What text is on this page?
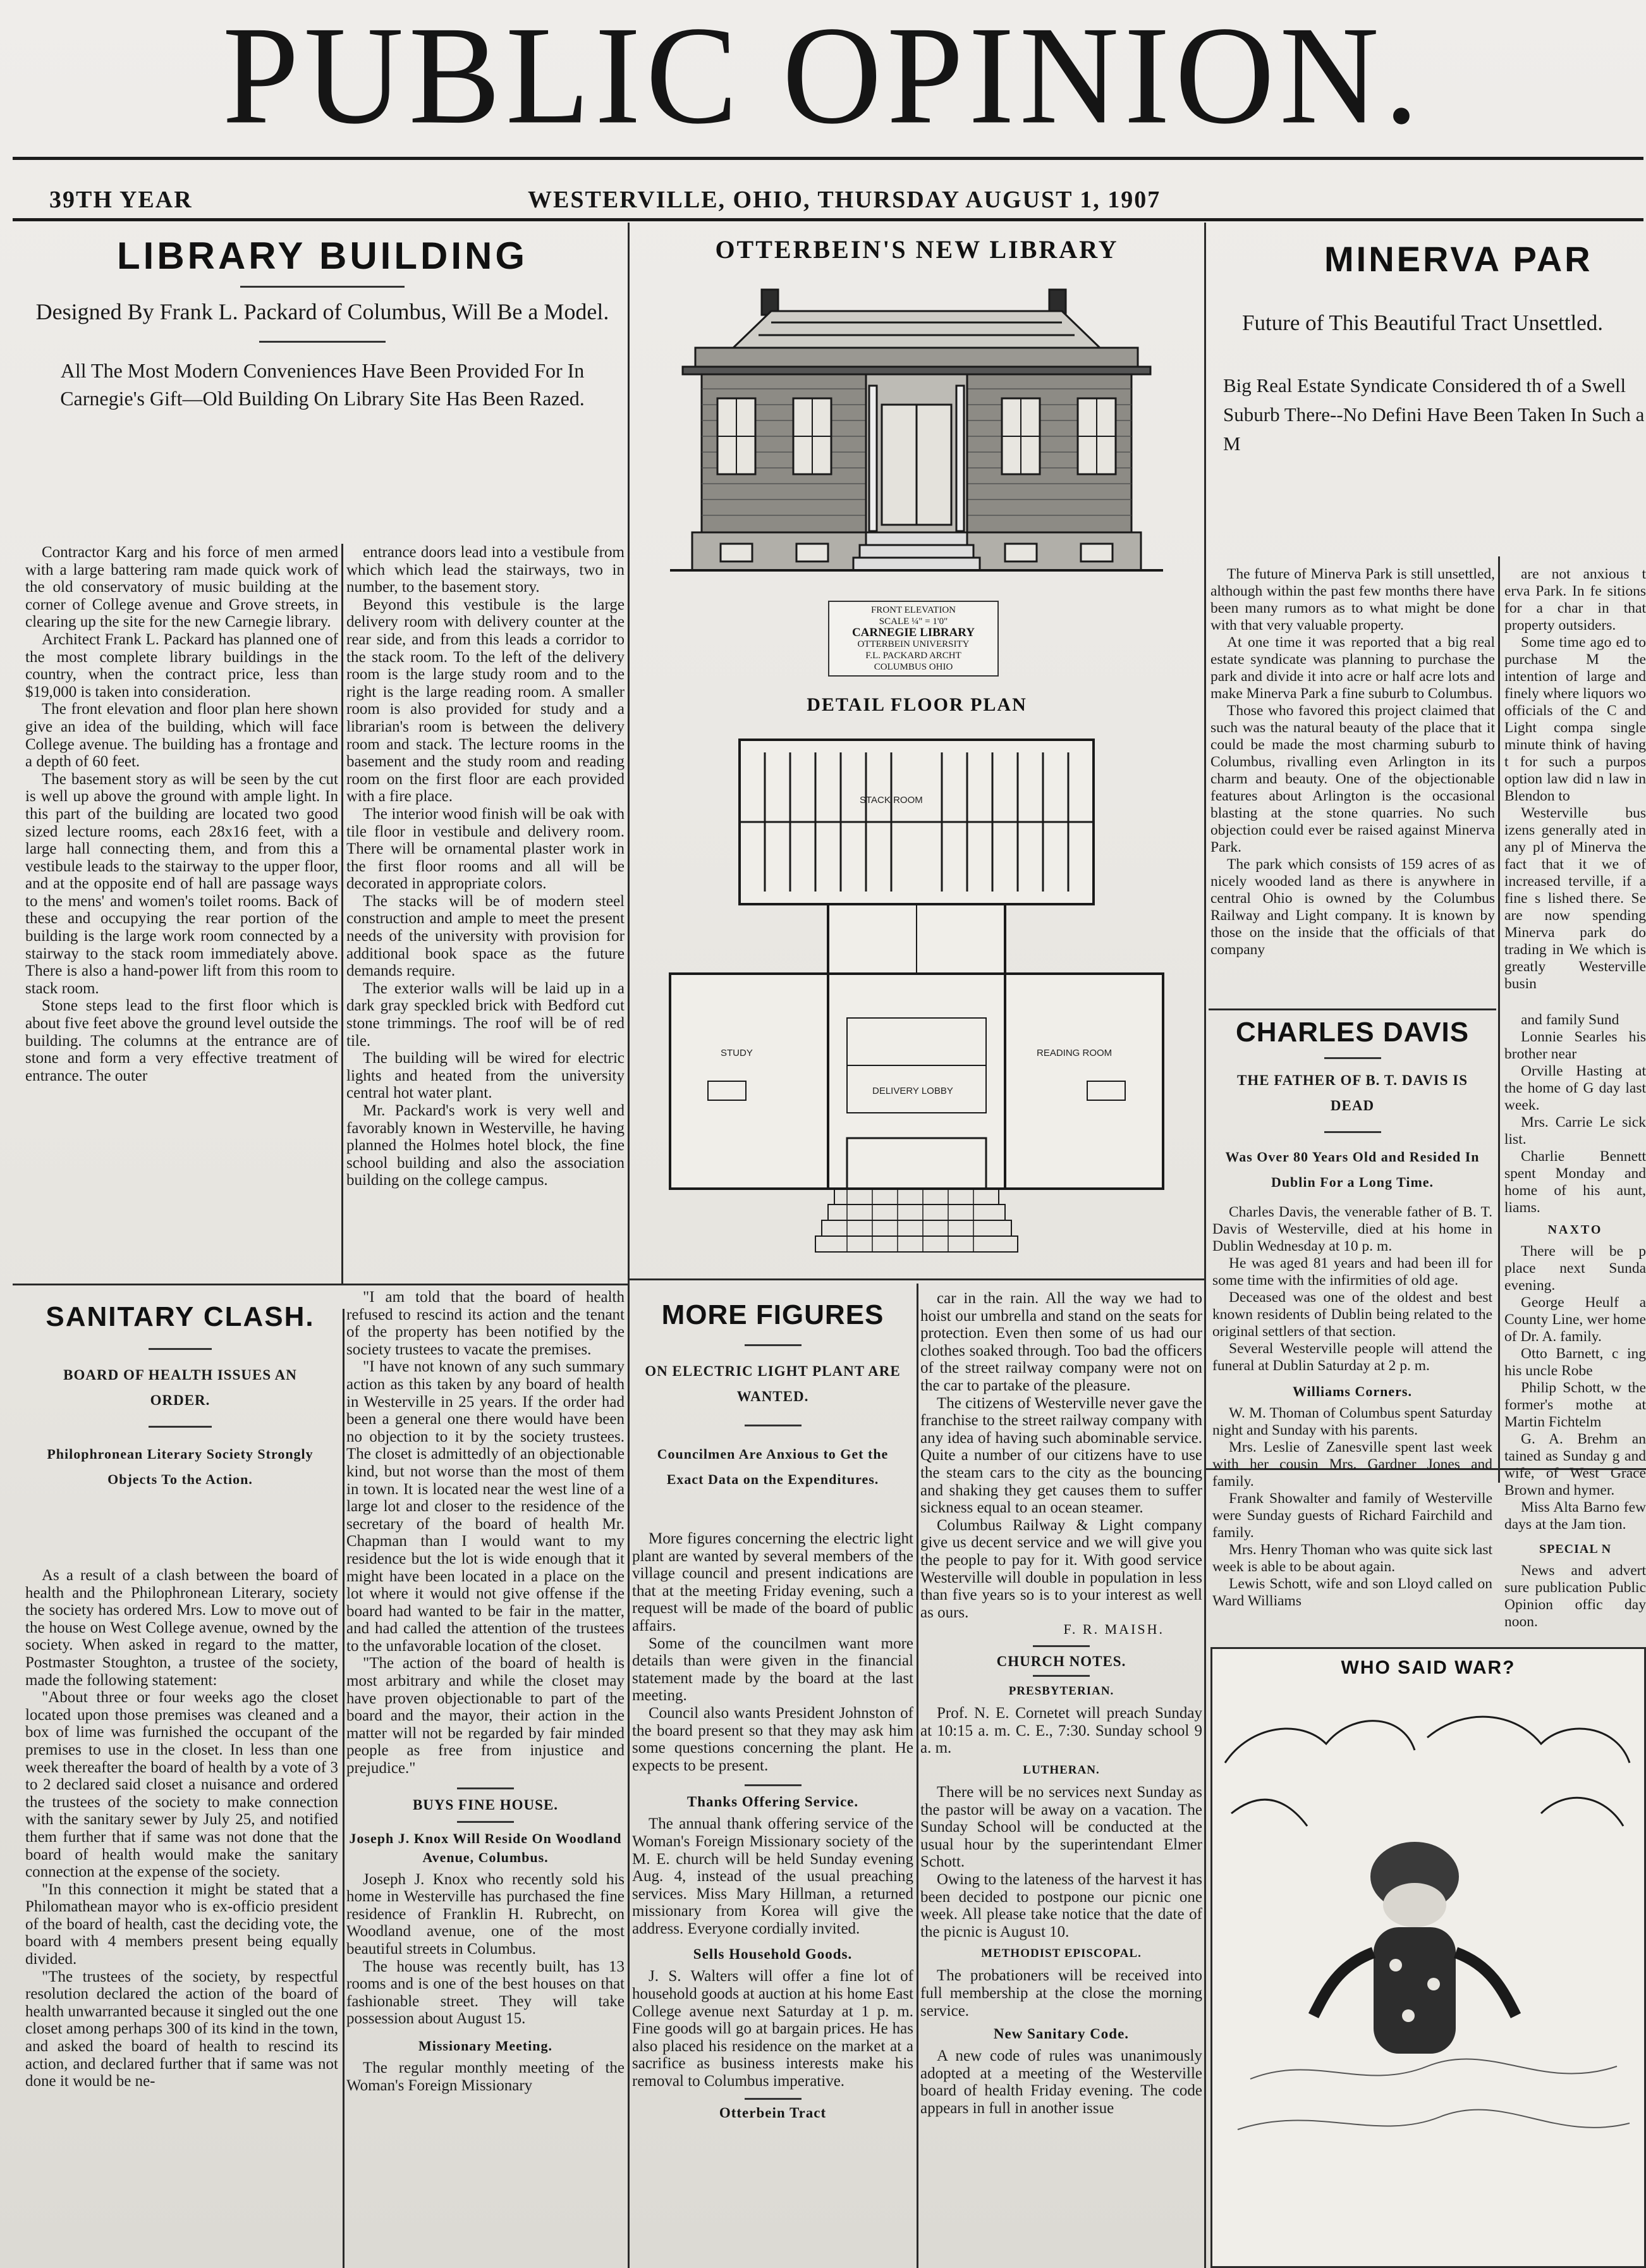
PUBLIC OPINION.
39TH YEAR	WESTERVILLE, OHIO, THURSDAY AUGUST 1, 1907
LIBRARY BUILDING
Designed By Frank L. Packard of Columbus, Will Be a Model.
All The Most Modern Conveniences Have Been Provided For In Carnegie's Gift—Old Building On Library Site Has Been Razed.

Contractor Karg and his force of men armed with a large battering ram made quick work of the old conservatory of music building at the corner of College avenue and Grove streets, in clearing up the site for the new Carnegie library.

Architect Frank L. Packard has planned one of the most complete library buildings in the country, when the contract price, less than $19,000 is taken into consideration.

The front elevation and floor plan here shown give an idea of the building, which will face College avenue. The building has a frontage and a depth of 60 feet.

The basement story as will be seen by the cut is well up above the ground with ample light. In this part of the building are located two good sized lecture rooms, each 28x16 feet, with a large hall connecting them, and from this a vestibule leads to the stairway to the upper floor, and at the opposite end of hall are passage ways to the mens' and women's toilet rooms. Back of these and occupying the rear portion of the building is the large work room connected by a stairway to the stack room immediately above. There is also a hand-power lift from this room to stack room.

Stone steps lead to the first floor which is about five feet above the ground level outside the building. The columns at the entrance are of stone and form a very effective treatment of entrance. The outer

entrance doors lead into a vestibule from which which lead the stairways, two in number, to the basement story.

Beyond this vestibule is the large delivery room with delivery counter at the rear side, and from this leads a corridor to the stack room. To the left of the delivery room is the large study room and to the right is the large reading room. A smaller room is also provided for study and a librarian's room is between the delivery room and stack. The lecture rooms in the basement and the study room and reading room on the first floor are each provided with a fire place.

The interior wood finish will be oak with tile floor in vestibule and delivery room. There will be ornamental plaster work in the first floor rooms and all will be decorated in appropriate colors.

The stacks will be of modern steel construction and ample to meet the present needs of the university with provision for additional book space as the future demands require.

The exterior walls will be laid up in a dark gray speckled brick with Bedford cut stone trimmings. The roof will be of red tile.

The building will be wired for electric lights and heated from the university central hot water plant.

Mr. Packard's work is very well and favorably known in Westerville, he having planned the Holmes hotel block, the fine school building and also the association building on the college campus.

OTTERBEIN'S NEW LIBRARY
FRONT ELEVATION
SCALE ¼" = 1'0"
CARNEGIE LIBRARY
OTTERBEIN UNIVERSITY
F.L. PACKARD ARCHT
COLUMBUS OHIO
DETAIL FLOOR PLAN
STACK ROOM
STUDY
DELIVERY LOBBY
READING ROOM
MINERVA PAR
Future of This Beautiful Tract Unsettled.
Big Real Estate Syndicate Considered th of a Swell Suburb There--No Defini Have Been Taken In Such a M

The future of Minerva Park is still unsettled, although within the past few months there have been many rumors as to what might be done with that very valuable property.

At one time it was reported that a big real estate syndicate was planning to purchase the park and divide it into acre or half acre lots and make Minerva Park a fine suburb to Columbus.

Those who favored this project claimed that such was the natural beauty of the place that it could be made the most charming suburb to Columbus, rivalling even Arlington in its charm and beauty. One of the objectionable features about Arlington is the occasional blasting at the stone quarries. No such objection could ever be raised against Minerva Park.

The park which consists of 159 acres of as nicely wooded land as there is anywhere in central Ohio is owned by the Columbus Railway and Light company. It is known by those on the inside that the officials of that company

are not anxious t erva Park. In fe sitions for a char in that property outsiders.

Some time ago ed to purchase M the intention of large and finely where liquors wo officials of the C and Light compa single minute think of having t for such a purpos option law did n law in Blendon to

Westerville bus izens generally ated in any pl of Minerva the fact that it we of increased terville, if a fine s lished there. Se are now spending Minerva park do trading in We which is greatly Westerville busin

CHARLES DAVIS
THE FATHER OF B. T. DAVIS IS DEAD
Was Over 80 Years Old and Resided In Dublin For a Long Time.

Charles Davis, the venerable father of B. T. Davis of Westerville, died at his home in Dublin Wednesday at 10 p. m.

He was aged 81 years and had been ill for some time with the infirmities of old age.

Deceased was one of the oldest and best known residents of Dublin being related to the original settlers of that section.

Several Westerville people will attend the funeral at Dublin Saturday at 2 p. m.

Williams Corners.

W. M. Thoman of Columbus spent Saturday night and Sunday with his parents.

Mrs. Leslie of Zanesville spent last week with her cousin Mrs. Gardner Jones and family.

Frank Showalter and family of Westerville were Sunday guests of Richard Fairchild and family.

Mrs. Henry Thoman who was quite sick last week is able to be about again.

Lewis Schott, wife and son Lloyd called on Ward Williams

and family Sund

Lonnie Searles his brother near

Orville Hasting at the home of G day last week.

Mrs. Carrie Le sick list.

Charlie Bennett spent Monday and home of his aunt, liams.

NAXTO

There will be p place next Sunda evening.

George Heulf a County Line, wer home of Dr. A. family.

Otto Barnett, c ing his uncle Robe

Philip Schott, w the former's mothe at Martin Fichtelm

G. A. Brehm an tained as Sunday g and wife, of West Grace Brown and hymer.

Miss Alta Barno few days at the Jam tion.

SPECIAL N

News and advert sure publication Public Opinion offic day noon.

WHO SAID WAR?
SANITARY CLASH.
BOARD OF HEALTH ISSUES AN ORDER.
Philophronean Literary Society Strongly Objects To the Action.

As a result of a clash between the board of health and the Philophronean Literary, society the society has ordered Mrs. Low to move out of the house on West College avenue, owned by the society. When asked in regard to the matter, Postmaster Stoughton, a trustee of the society, made the following statement:

"About three or four weeks ago the closet located upon those premises was cleaned and a box of lime was furnished the occupant of the premises to use in the closet. In less than one week thereafter the board of health by a vote of 3 to 2 declared said closet a nuisance and ordered the trustees of the society to make connection with the sanitary sewer by July 25, and notified them further that if same was not done that the board of health would make the sanitary connection at the expense of the society.

"In this connection it might be stated that a Philomathean mayor who is ex-officio president of the board of health, cast the deciding vote, the board with 4 members present being equally divided.

"The trustees of the society, by respectful resolution declared the action of the board of health unwarranted because it singled out the one closet among perhaps 300 of its kind in the town, and asked the board of health to rescind its action, and declared further that if same was not done it would be ne-

"I am told that the board of health refused to rescind its action and the tenant of the property has been notified by the society trustees to vacate the premises.

"I have not known of any such summary action as this taken by any board of health in Westerville in 25 years. If the order had been a general one there would have been no objection to it by the society trustees. The closet is admittedly of an objectionable kind, but not worse than the most of them in town. It is located near the west line of a large lot and closer to the residence of the secretary of the board of health Mr. Chapman than I would want to my residence but the lot is wide enough that it might have been located in a place on the lot where it would not give offense if the board had wanted to be fair in the matter, and had called the attention of the trustees to the unfavorable location of the closet.

"The action of the board of health is most arbitrary and while the closet may have proven objectionable to part of the board and the mayor, their action in the matter will not be regarded by fair minded people as free from injustice and prejudice."

BUYS FINE HOUSE.
Joseph J. Knox Will Reside On Woodland Avenue, Columbus.

Joseph J. Knox who recently sold his home in Westerville has purchased the fine residence of Franklin H. Rubrecht, on Woodland avenue, one of the most beautiful streets in Columbus.

The house was recently built, has 13 rooms and is one of the best houses on that fashionable street. They will take possession about August 15.

Missionary Meeting.

The regular monthly meeting of the Woman's Foreign Missionary

MORE FIGURES
ON ELECTRIC LIGHT PLANT ARE WANTED.
Councilmen Are Anxious to Get the Exact Data on the Expenditures.

More figures concerning the electric light plant are wanted by several members of the village council and present indications are that at the meeting Friday evening, such a request will be made of the board of public affairs.

Some of the councilmen want more details than were given in the financial statement made by the board at the last meeting.

Council also wants President Johnston of the board present so that they may ask him some questions concerning the plant. He expects to be present.

Thanks Offering Service.

The annual thank offering service of the Woman's Foreign Missionary society of the M. E. church will be held Sunday evening Aug. 4, instead of the usual preaching services. Miss Mary Hillman, a returned missionary from Korea will give the address. Everyone cordially invited.

Sells Household Goods.

J. S. Walters will offer a fine lot of household goods at auction at his home East College avenue next Saturday at 1 p. m. Fine goods will go at bargain prices. He has also placed his residence on the market at a sacrifice as business interests make his removal to Columbus imperative.

Otterbein Tract

car in the rain. All the way we had to hoist our umbrella and stand on the seats for protection. Even then some of us had our clothes soaked through. Too bad the officers of the street railway company were not on the car to partake of the pleasure.

The citizens of Westerville never gave the franchise to the street railway company with any idea of having such abominable service. Quite a number of our citizens have to use the steam cars to the city as the bouncing and shaking they get causes them to suffer sickness equal to an ocean steamer.

Columbus Railway & Light company give us decent service and we will give you the people to pay for it. With good service Westerville will double in population in less than five years so is to your interest as well as ours.

F. R. MAISH.
CHURCH NOTES.
PRESBYTERIAN.

Prof. N. E. Cornetet will preach Sunday at 10:15 a. m. C. E., 7:30. Sunday school 9 a. m.

LUTHERAN.

There will be no services next Sunday as the pastor will be away on a vacation. The Sunday School will be conducted at the usual hour by the superintendant Elmer Schott.

Owing to the lateness of the harvest it has been decided to postpone our picnic one week. All please take notice that the date of the picnic is August 10.

METHODIST EPISCOPAL.

The probationers will be received into full membership at the close the morning service.

New Sanitary Code.

A new code of rules was unanimously adopted at a meeting of the Westerville board of health Friday evening. The code appears in full in another issue
